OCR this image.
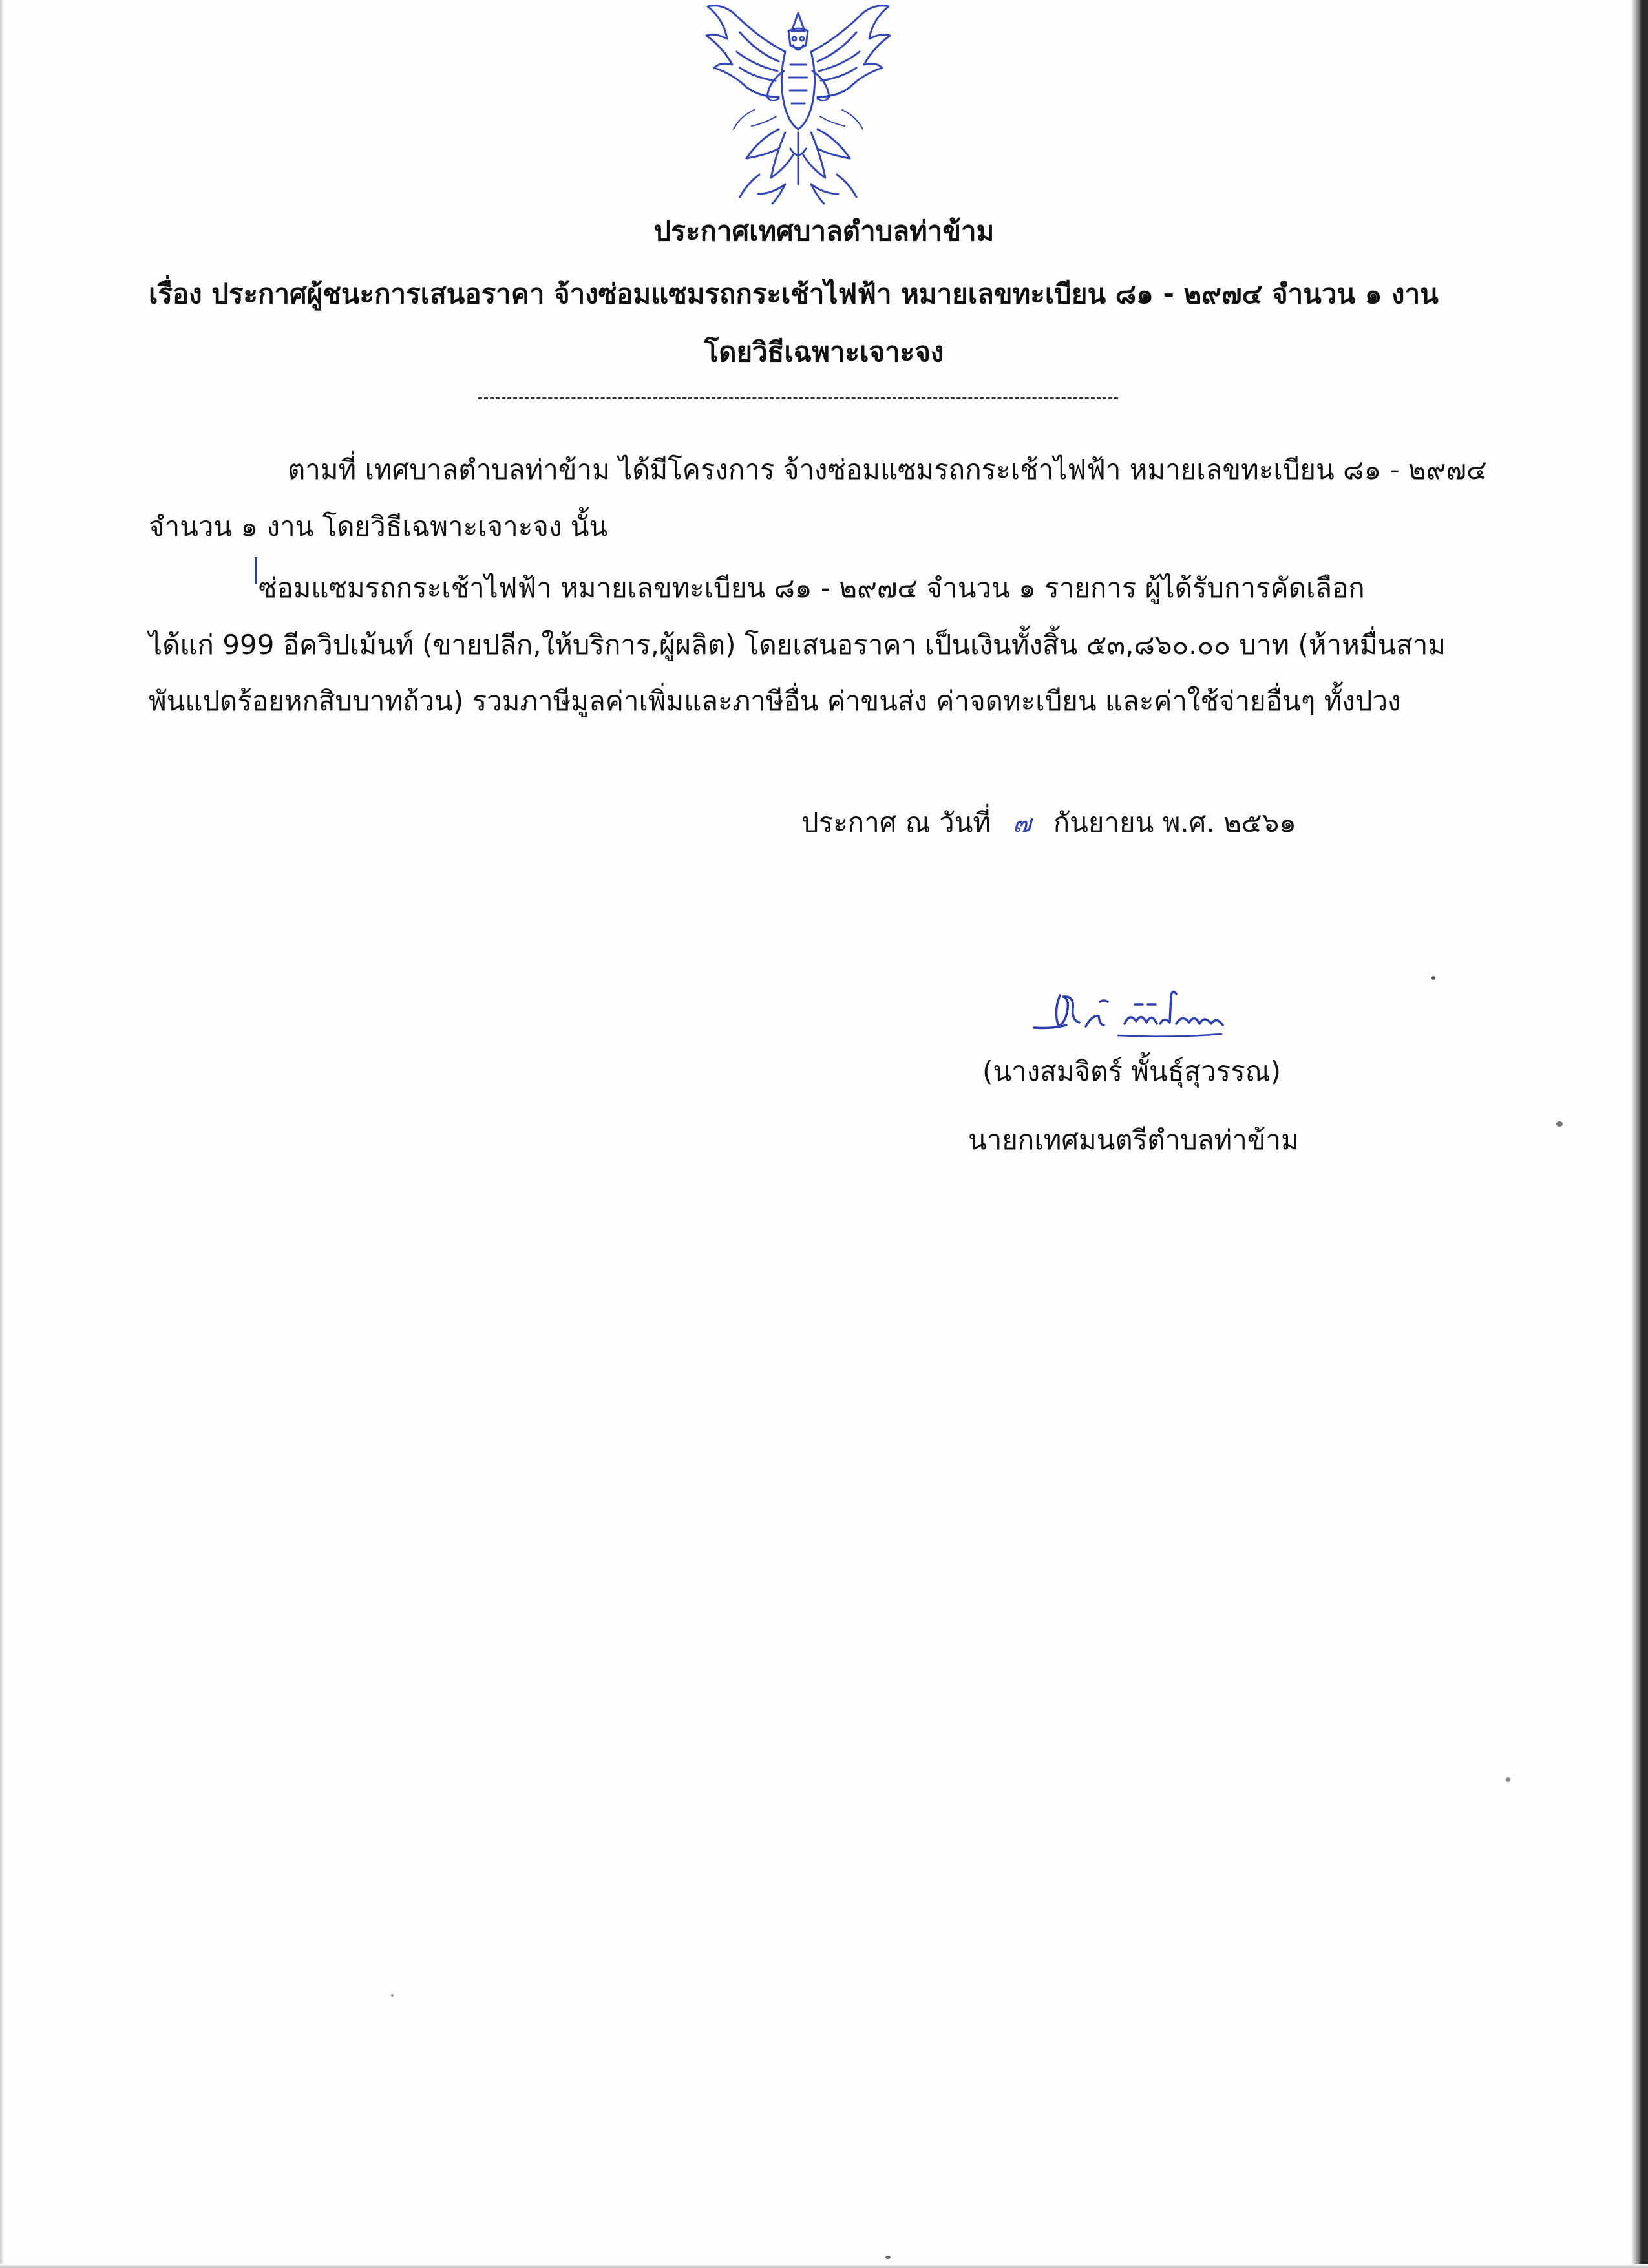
ประกาศเทศบาลตำบลท่าข้าม
เรื่อง ประกาศผู้ชนะการเสนอราคา จ้างซ่อมแซมรถกระเช้าไฟฟ้า หมายเลขทะเบียน ๘๑ - ๒๙๗๔ จำนวน ๑ งาน
โดยวิธีเฉพาะเจาะจง
ตามที่ เทศบาลตำบลท่าข้าม ได้มีโครงการ จ้างซ่อมแซมรถกระเช้าไฟฟ้า หมายเลขทะเบียน ๘๑ - ๒๙๗๔
จำนวน ๑ งาน โดยวิธีเฉพาะเจาะจง นั้น
ซ่อมแซมรถกระเช้าไฟฟ้า หมายเลขทะเบียน ๘๑ - ๒๙๗๔ จำนวน ๑ รายการ ผู้ได้รับการคัดเลือก
ได้แก่ 999 อีควิปเม้นท์ (ขายปลีก,ให้บริการ,ผู้ผลิต) โดยเสนอราคา เป็นเงินทั้งสิ้น ๕๓,๘๖๐.๐๐ บาท (ห้าหมื่นสาม
พันแปดร้อยหกสิบบาทถ้วน) รวมภาษีมูลค่าเพิ่มและภาษีอื่น ค่าขนส่ง ค่าจดทะเบียน และค่าใช้จ่ายอื่นๆ ทั้งปวง
ประกาศ ณ วันที่ ๗ กันยายน พ.ศ. ๒๕๖๑
(นางสมจิตร์ พั้นธุ์สุวรรณ)
นายกเทศมนตรีตำบลท่าข้าม
